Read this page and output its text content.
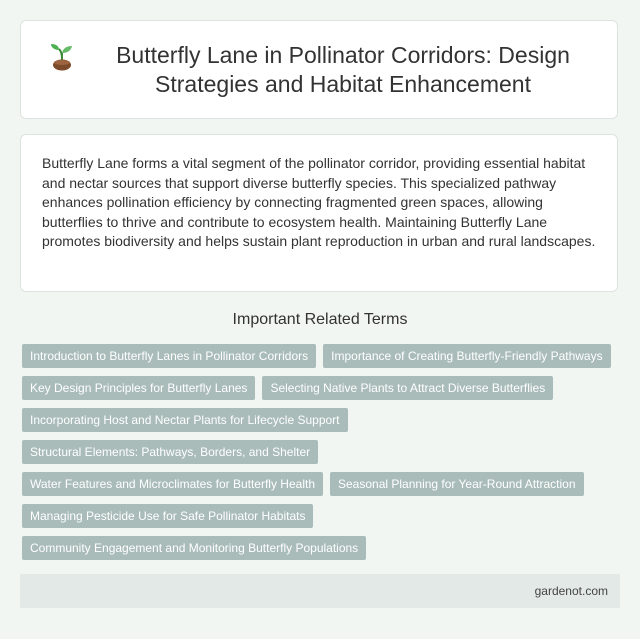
Butterfly Lane in Pollinator Corridors: Design Strategies and Habitat Enhancement

Butterfly Lane forms a vital segment of the pollinator corridor, providing essential habitat and nectar sources that support diverse butterfly species. This specialized pathway enhances pollination efficiency by connecting fragmented green spaces, allowing butterflies to thrive and contribute to ecosystem health. Maintaining Butterfly Lane promotes biodiversity and helps sustain plant reproduction in urban and rural landscapes.

Important Related Terms
Introduction to Butterfly Lanes in Pollinator Corridors Importance of Creating Butterfly-Friendly Pathways
Key Design Principles for Butterfly Lanes Selecting Native Plants to Attract Diverse Butterflies
Incorporating Host and Nectar Plants for Lifecycle Support
Structural Elements: Pathways, Borders, and Shelter
Water Features and Microclimates for Butterfly Health Seasonal Planning for Year-Round Attraction
Managing Pesticide Use for Safe Pollinator Habitats
Community Engagement and Monitoring Butterfly Populations
gardenot.com
